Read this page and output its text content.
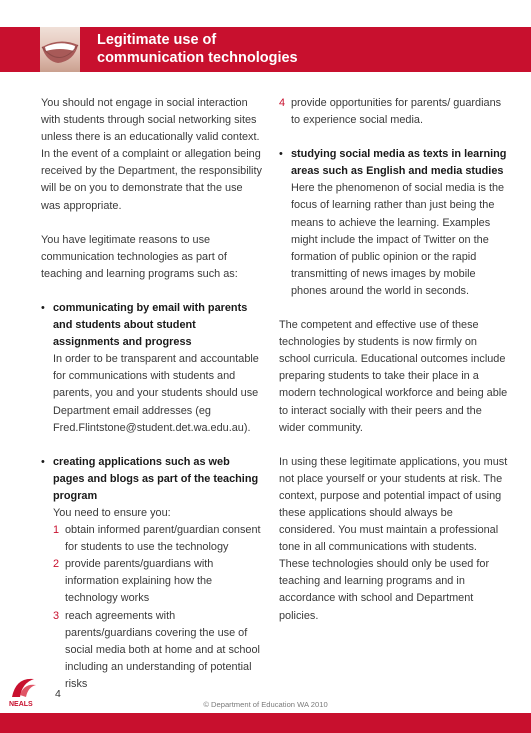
Legitimate use of
communication technologies

You should not engage in social interaction with students through social networking sites unless there is an educationally valid context. In the event of a complaint or allegation being received by the Department, the responsibility will be on you to demonstrate that the use was appropriate.

You have legitimate reasons to use communication technologies as part of teaching and learning programs such as:

• communicating by email with parents and students about student assignments and progress
In order to be transparent and accountable for communications with students and parents, you and your students should use Department email addresses (eg Fred.Flintstone@student.det.wa.edu.au).
• creating applications such as web pages and blogs as part of the teaching program
You need to ensure you:
1 obtain informed parent/guardian consent for students to use the technology
2 provide parents/guardians with information explaining how the technology works
3 reach agreements with parents/guardians covering the use of social media both at home and at school including an understanding of potential risks
4 provide opportunities for parents/ guardians to experience social media.
• studying social media as texts in learning areas such as English and media studies
Here the phenomenon of social media is the focus of learning rather than just being the means to achieve the learning. Examples might include the impact of Twitter on the formation of public opinion or the rapid transmitting of news images by mobile phones around the world in seconds.

The competent and effective use of these technologies by students is now firmly on school curricula. Educational outcomes include preparing students to take their place in a modern technological workforce and being able to interact socially with their peers and the wider community.

In using these legitimate applications, you must not place yourself or your students at risk. The context, purpose and potential impact of using these applications should always be considered. You must maintain a professional tone in all communications with students. These technologies should only be used for teaching and learning programs and in accordance with school and Department policies.

NEALS
4
© Department of Education WA 2010
